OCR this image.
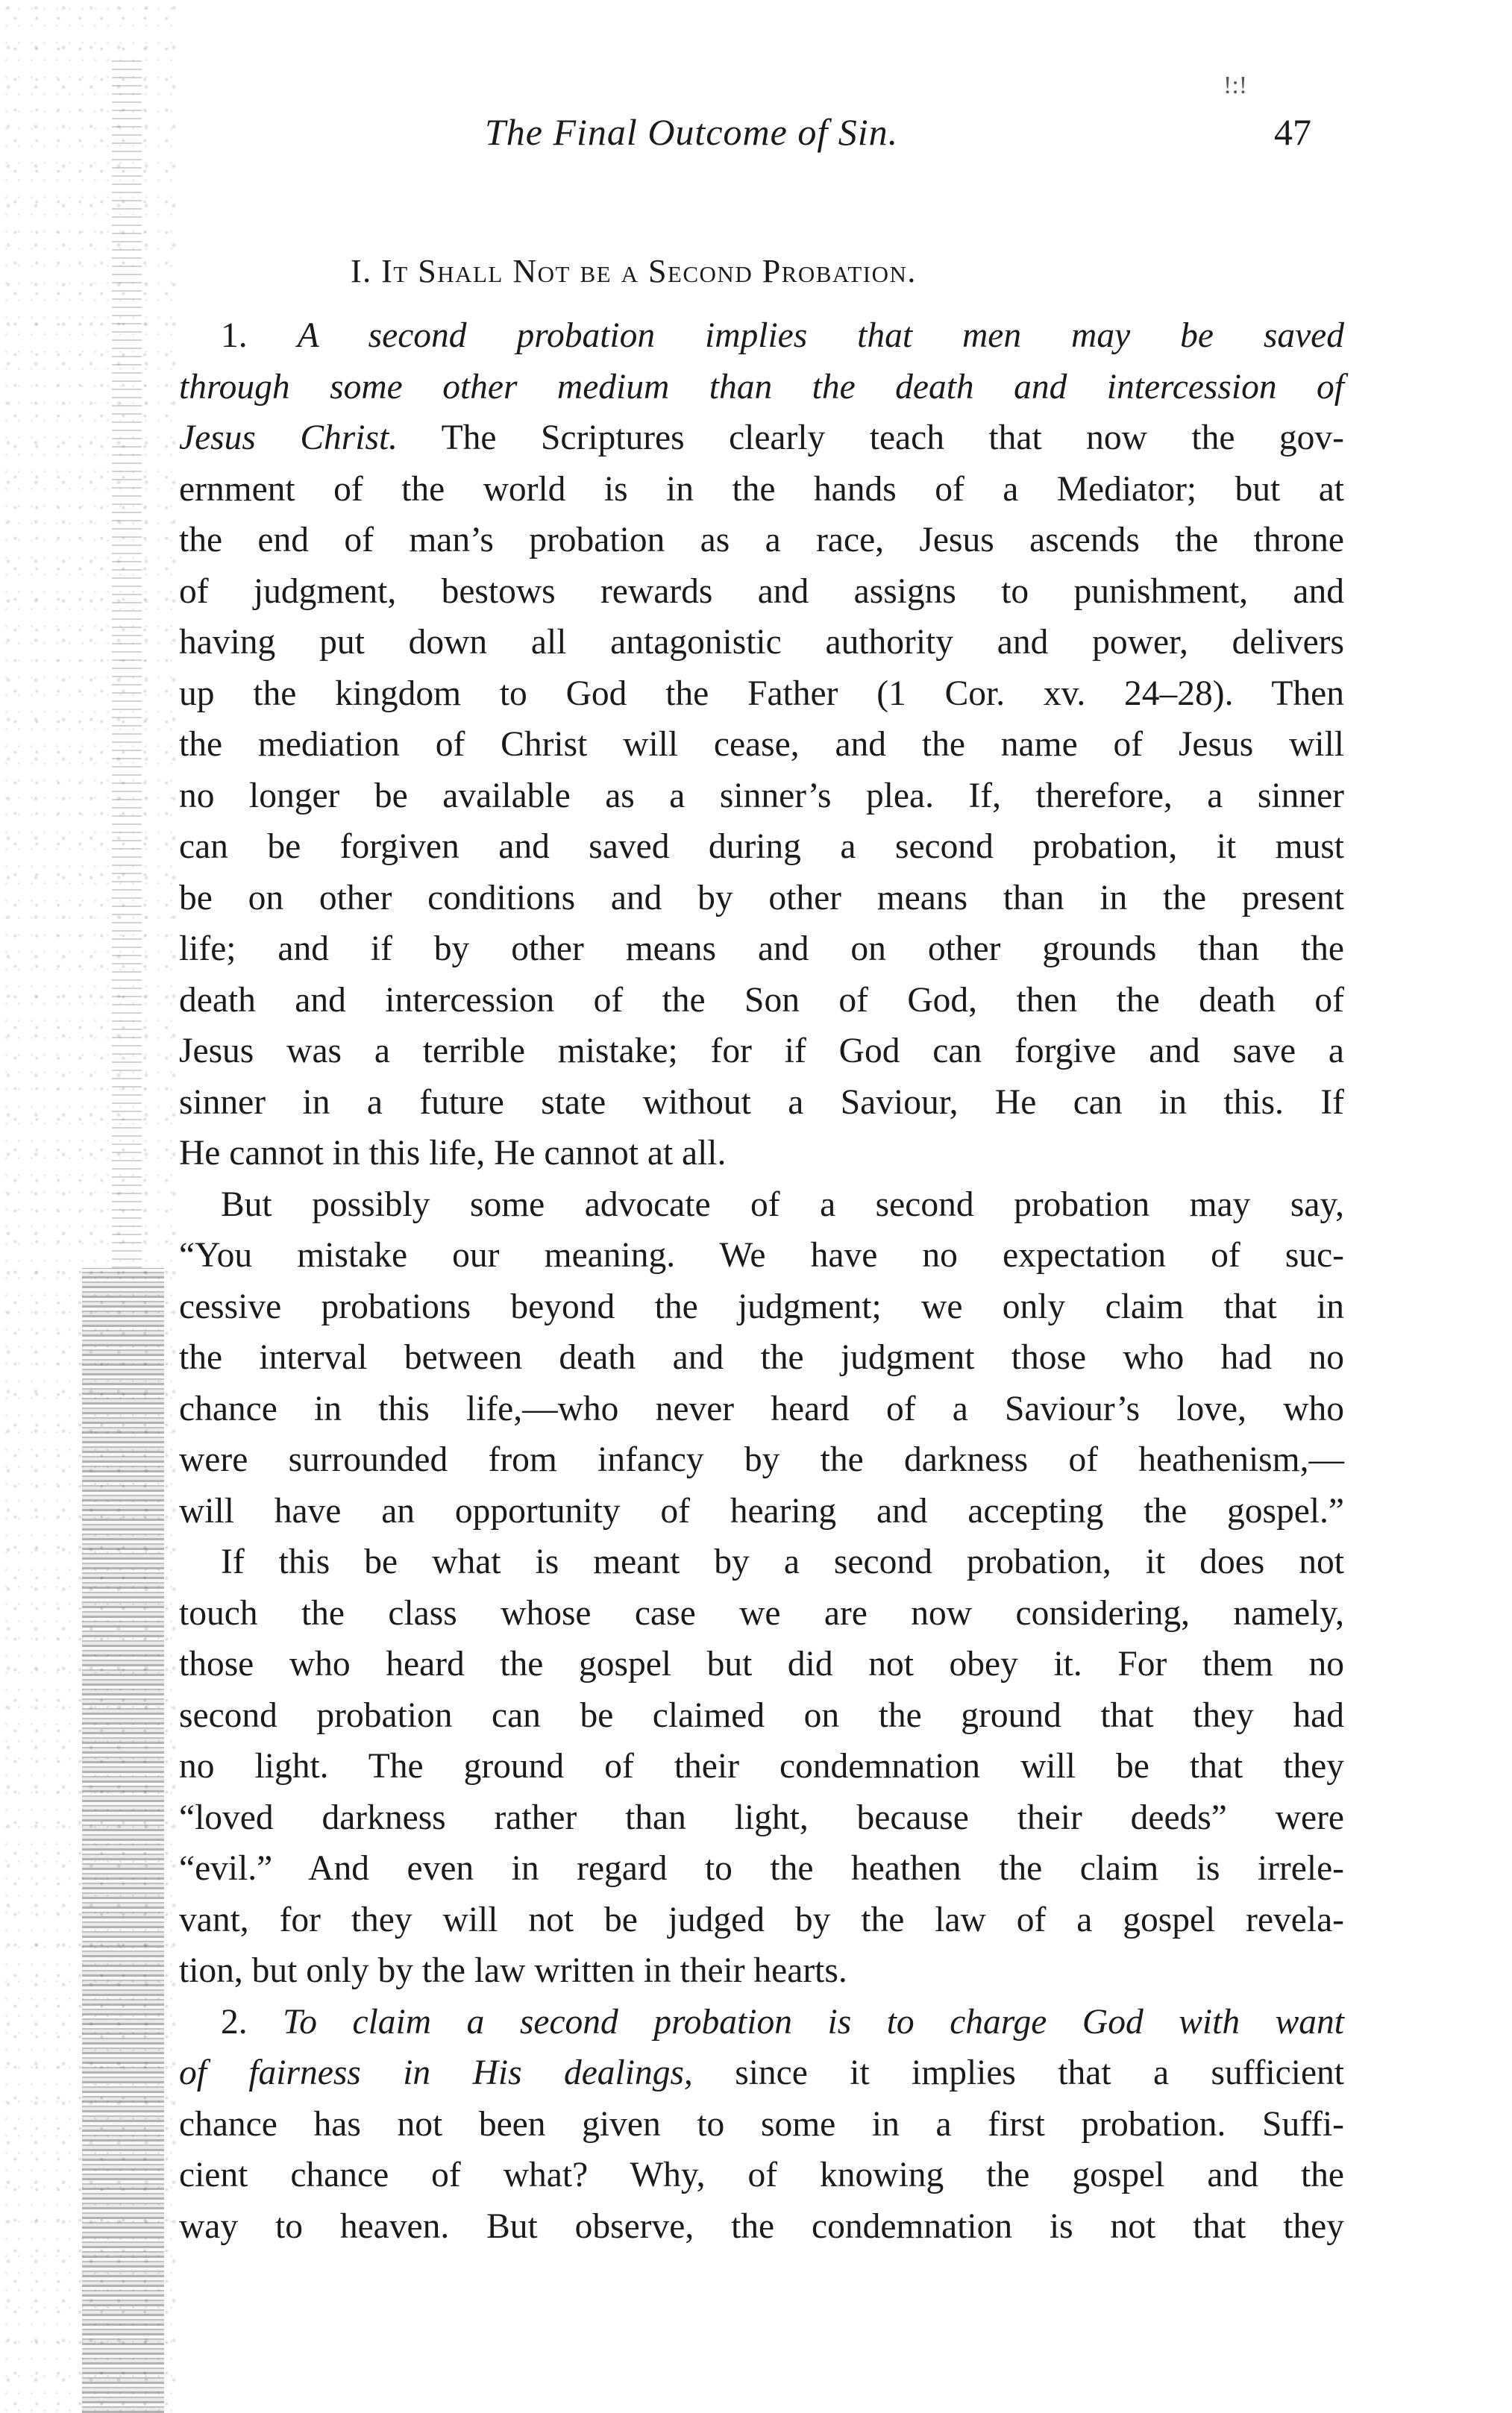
The Final Outcome of Sin.	47
!:!
I. It Shall Not be a Second Probation.
1. A second probation implies that men may be saved
through some other medium than the death and intercession of
Jesus Christ. The Scriptures clearly teach that now the gov-
ernment of the world is in the hands of a Mediator; but at
the end of man’s probation as a race, Jesus ascends the throne
of judgment, bestows rewards and assigns to punishment, and
having put down all antagonistic authority and power, delivers
up the kingdom to God the Father (1 Cor. xv. 24–28). Then
the mediation of Christ will cease, and the name of Jesus will
no longer be available as a sinner’s plea. If, therefore, a sinner
can be forgiven and saved during a second probation, it must
be on other conditions and by other means than in the present
life; and if by other means and on other grounds than the
death and intercession of the Son of God, then the death of
Jesus was a terrible mistake; for if God can forgive and save a
sinner in a future state without a Saviour, He can in this. If
He cannot in this life, He cannot at all.
But possibly some advocate of a second probation may say,
“You mistake our meaning. We have no expectation of suc-
cessive probations beyond the judgment; we only claim that in
the interval between death and the judgment those who had no
chance in this life,—who never heard of a Saviour’s love, who
were surrounded from infancy by the darkness of heathenism,—
will have an opportunity of hearing and accepting the gospel.”
If this be what is meant by a second probation, it does not
touch the class whose case we are now considering, namely,
those who heard the gospel but did not obey it. For them no
second probation can be claimed on the ground that they had
no light. The ground of their condemnation will be that they
“loved darkness rather than light, because their deeds” were
“evil.” And even in regard to the heathen the claim is irrele-
vant, for they will not be judged by the law of a gospel revela-
tion, but only by the law written in their hearts.
2. To claim a second probation is to charge God with want
of fairness in His dealings, since it implies that a sufficient
chance has not been given to some in a first probation. Suffi-
cient chance of what? Why, of knowing the gospel and the
way to heaven. But observe, the condemnation is not that they
